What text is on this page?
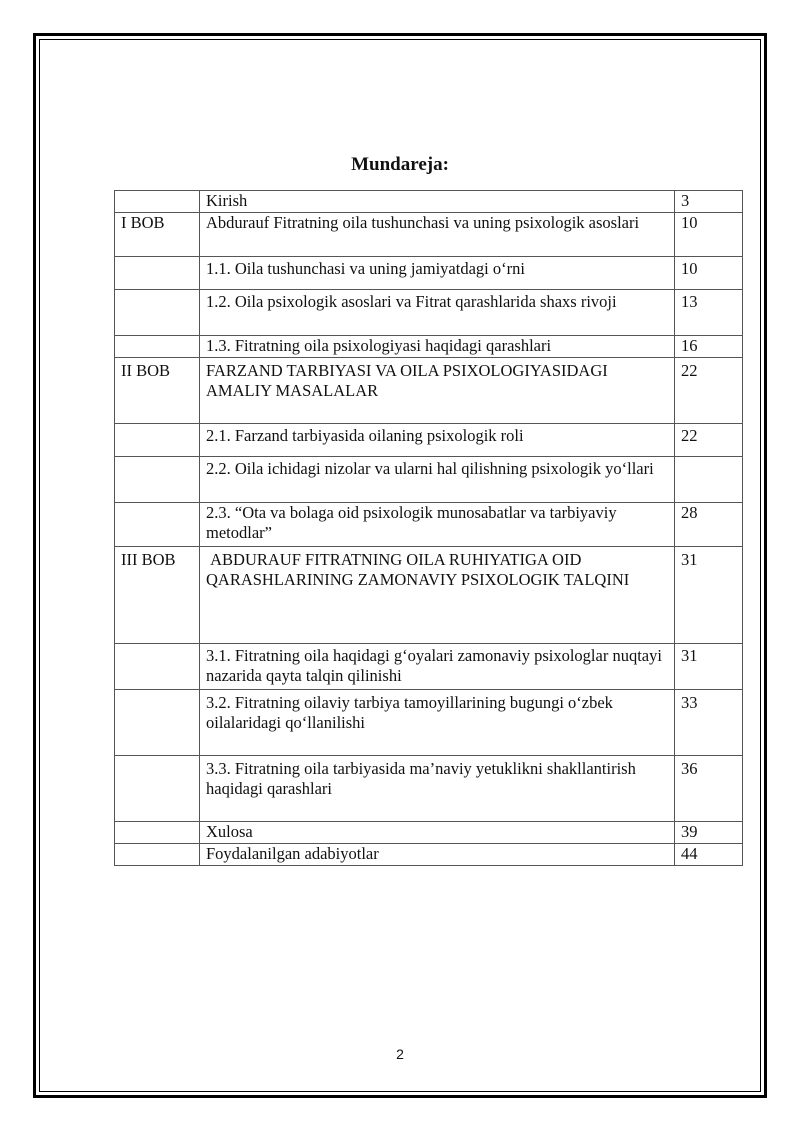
Mundareja:
	Kirish	3
I BOB	Abdurauf Fitratning oila tushunchasi va uning psixologik asoslari	10
	1.1. Oila tushunchasi va uning jamiyatdagi o‘rni	10
	1.2. Oila psixologik asoslari va Fitrat qarashlarida shaxs rivoji	13
	1.3. Fitratning oila psixologiyasi haqidagi qarashlari	16
II BOB	FARZAND TARBIYASI VA OILA PSIXOLOGIYASIDAGI AMALIY MASALALAR	22
	2.1. Farzand tarbiyasida oilaning psixologik roli	22
	2.2. Oila ichidagi nizolar va ularni hal qilishning psixologik yo‘llari	
	2.3. “Ota va bolaga oid psixologik munosabatlar va tarbiyaviy metodlar”	28
III BOB	ABDURAUF FITRATNING OILA RUHIYATIGA OID QARASHLARINING ZAMONAVIY PSIXOLOGIK TALQINI	31
	3.1. Fitratning oila haqidagi g‘oyalari zamonaviy psixologlar nuqtayi nazarida qayta talqin qilinishi	31
	3.2. Fitratning oilaviy tarbiya tamoyillarining bugungi o‘zbek oilalaridagi qo‘llanilishi	33
	3.3. Fitratning oila tarbiyasida ma’naviy yetuklikni shakllantirish haqidagi qarashlari	36
	Xulosa	39
	Foydalanilgan adabiyotlar	44
2
